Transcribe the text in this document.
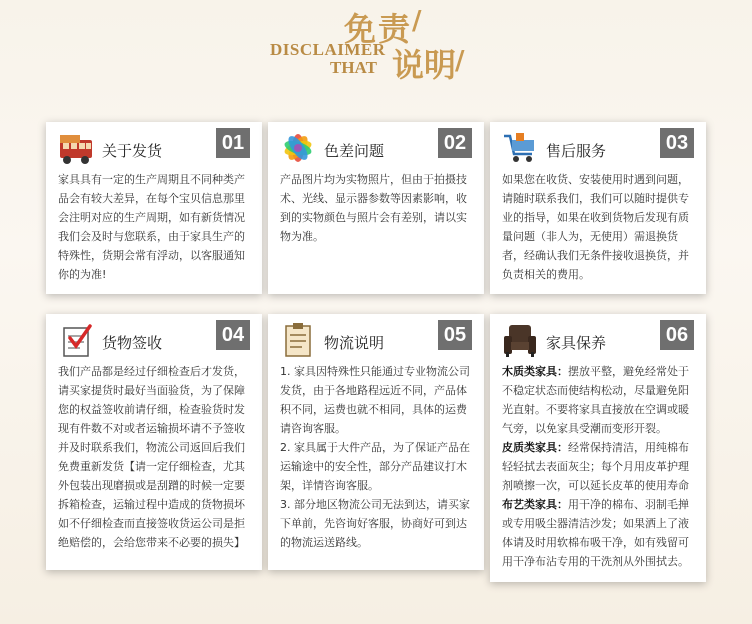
免责 /
DISCLAIMER
THAT 说明
/
关于发货	01
家具具有一定的生产周期且不同种类产品会有较大差异，在每个宝贝信息那里会注明对应的生产周期，如有新货情况我们会及时与您联系，由于家具生产的特殊性，货期会常有浮动，以客服通知你的为准!
色差问题	02
产品图片均为实物照片，但由于拍摄技术、光线、显示器参数等因素影响，收到的实物颜色与照片会有差别，请以实物为准。
售后服务	03
如果您在收货、安装使用时遇到问题，请随时联系我们，我们可以随时提供专业的指导，如果在收到货物后发现有质量问题（非人为，无使用）需退换货者，经确认我们无条件接收退换货，并负责相关的费用。
货物签收	04
我们产品都是经过仔细检查后才发货，请买家提货时最好当面验货，为了保障您的权益签收前请仔细，检查验货时发现有件数不对或者运输损坏请不予签收并及时联系我们，物流公司返回后我们免费重新发货【请一定仔细检查，尤其外包装出现磨损或是刮蹭的时候一定要拆箱检查，运输过程中造成的货物损坏如不仔细检查而直接签收货运公司是拒绝赔偿的，会给您带来不必要的损失】
物流说明	05

1. 家具因特殊性只能通过专业物流公司发货，由于各地路程远近不同，产品体积不同，运费也就不相同，具体的运费请咨询客服。

2. 家具属于大件产品，为了保证产品在运输途中的安全性，部分产品建议打木架，详情咨询客服。

3. 部分地区物流公司无法到达，请买家下单前，先咨询好客服，协商好可到达的物流运送路线。

家具保养	06

木质类家具：摆放平整，避免经常处于不稳定状态而使结构松动，尽量避免阳光直射。不要将家具直接放在空调或暖气旁，以免家具受潮而变形开裂。

皮质类家具：经常保持清洁，用纯棉布轻轻拭去表面灰尘；每个月用皮革护理剂喷擦一次，可以延长皮革的使用寿命

布艺类家具：用干净的棉布、羽制毛掸或专用吸尘器清洁沙发；如果洒上了液体请及时用软棉布吸干净，如有残留可用干净布沾专用的干洗剂从外围拭去。
